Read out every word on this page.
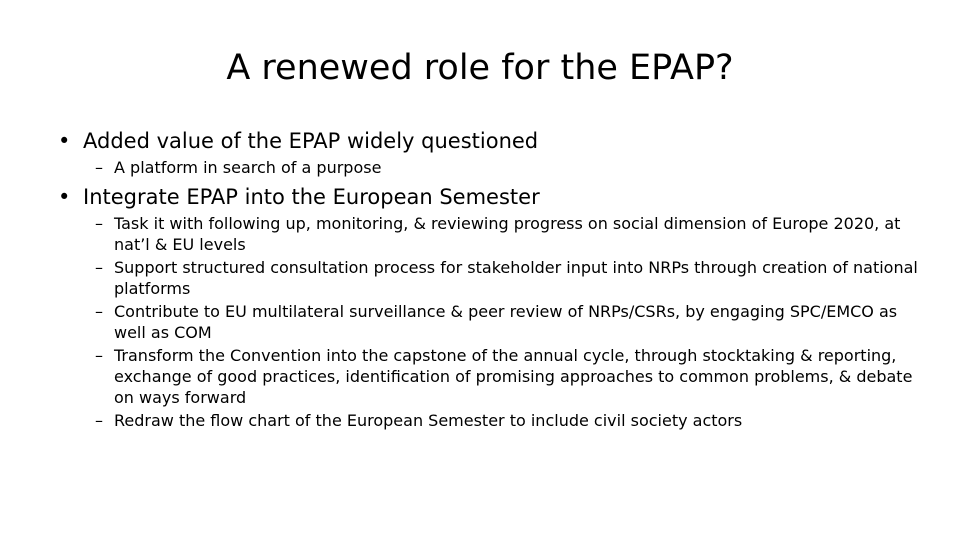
A renewed role for the EPAP?
• Added value of the EPAP widely questioned
– A platform in search of a purpose
• Integrate EPAP into the European Semester
– Task it with following up, monitoring, & reviewing progress on social dimension of Europe 2020, at nat’l & EU levels
– Support structured consultation process for stakeholder input into NRPs through creation of national platforms
– Contribute to EU multilateral surveillance & peer review of NRPs/CSRs, by engaging SPC/EMCO as well as COM
– Transform the Convention into the capstone of the annual cycle, through stocktaking & reporting, exchange of good practices, identification of promising approaches to common problems, & debate on ways forward
– Redraw the flow chart of the European Semester to include civil society actors
